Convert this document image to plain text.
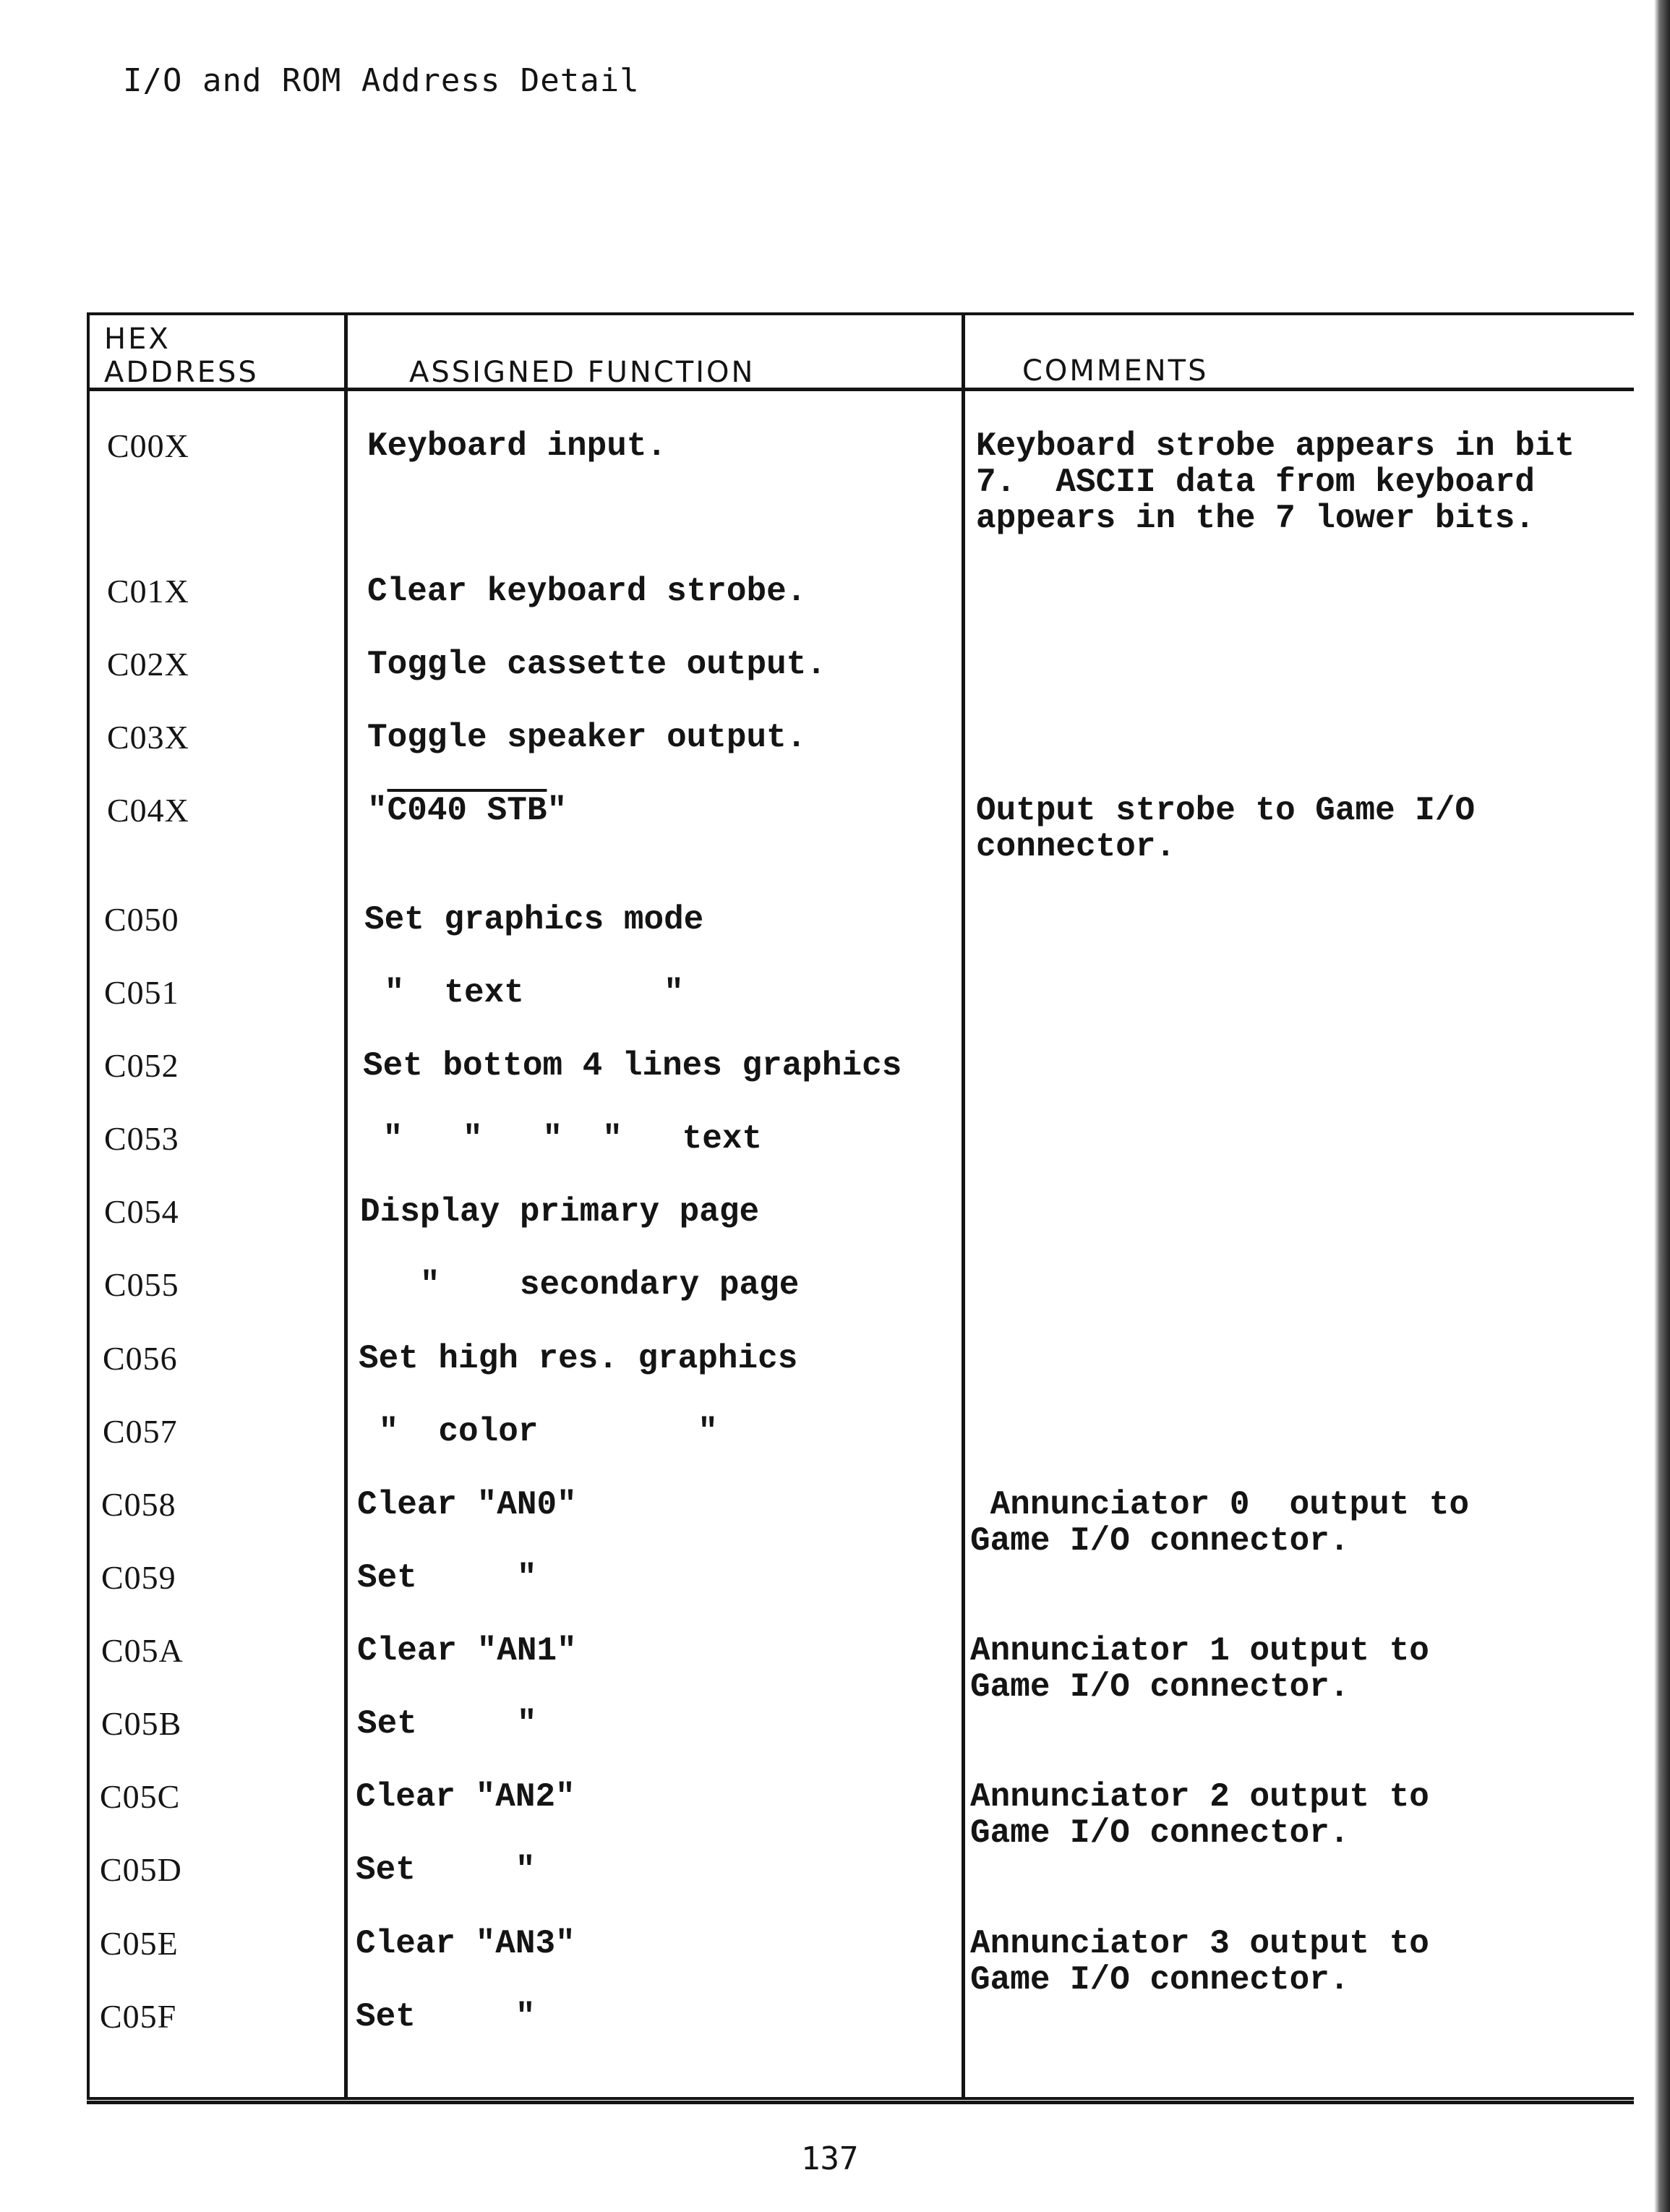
I/O and ROM Address Detail
HEX
ADDRESS	ASSIGNED FUNCTION	COMMENTS
C00X	Keyboard input.	Keyboard strobe appears in bit
7.  ASCII data from keyboard
appears in the 7 lower bits.
C01X	Clear keyboard strobe.
C02X	Toggle cassette output.
C03X	Toggle speaker output.
C04X	"C040 STB"	Output strobe to Game I/O
connector.
C050	Set graphics mode
C051	"  text       "
C052	Set bottom 4 lines graphics
C053	"   "   "  "   text
C054	Display primary page
C055	"    secondary page
C056	Set high res. graphics
C057	"  color        "
C058	Clear "AN0"	Annunciator 0  output to
Game I/O connector.
C059	Set     "
C05A	Clear "AN1"	Annunciator 1 output to
Game I/O connector.
C05B	Set     "
C05C	Clear "AN2"	Annunciator 2 output to
Game I/O connector.
C05D	Set     "
C05E	Clear "AN3"	Annunciator 3 output to
Game I/O connector.
C05F	Set     "
137
